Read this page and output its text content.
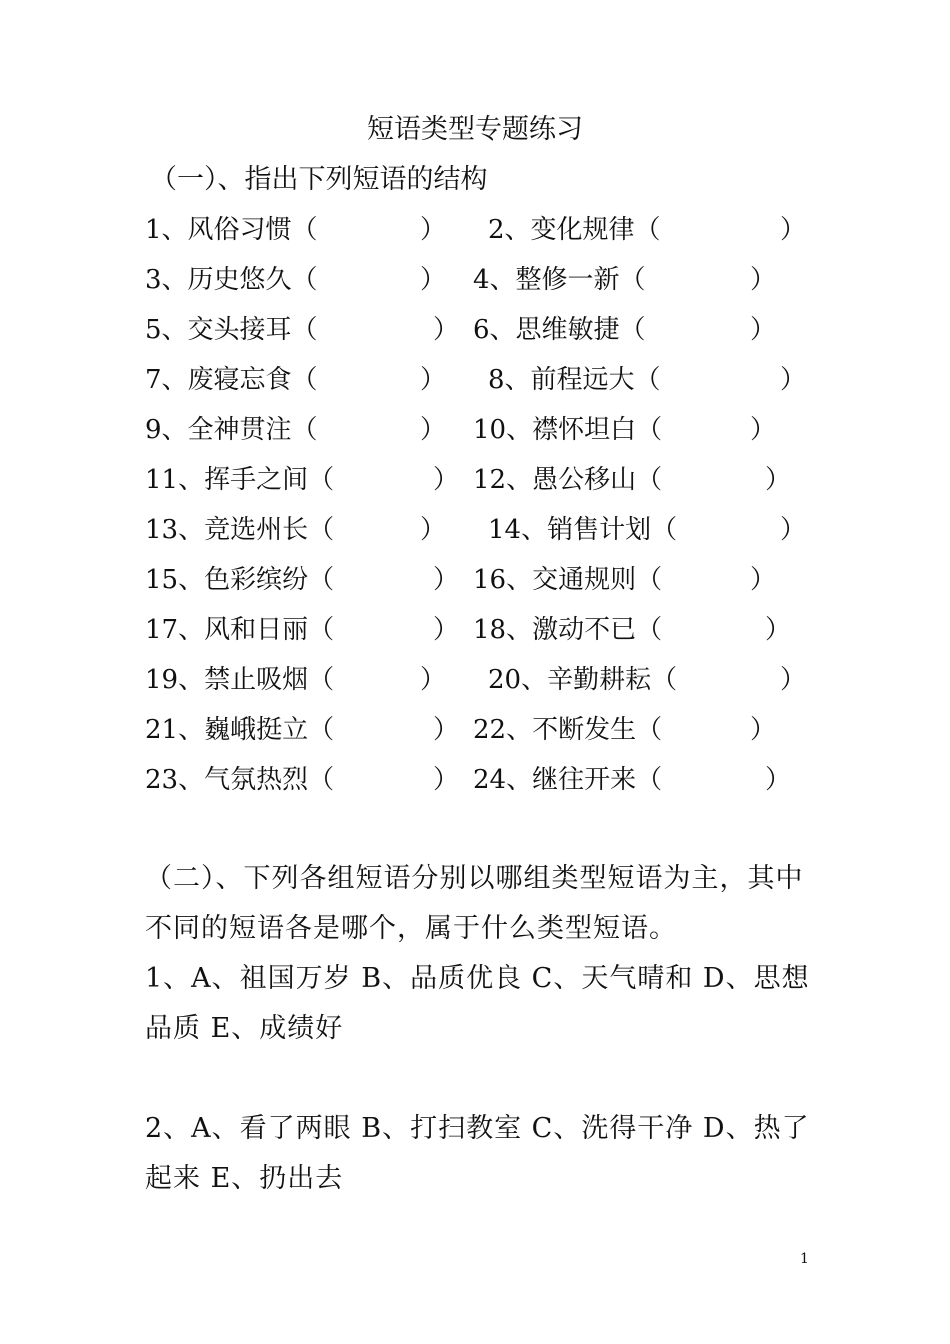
短语类型专题练习
（一）、指出下列短语的结构
1、风俗习惯（	） 2、变化规律（	）
3、历史悠久（	） 4、整修一新（	）
5、交头接耳（	） 6、思维敏捷（	）
7、废寝忘食（	） 8、前程远大（	）
9、全神贯注（	） 10、襟怀坦白（	）
11、挥手之间（	） 12、愚公移山（	）
13、竞选州长（	） 14、销售计划（	）
15、色彩缤纷（	） 16、交通规则（	）
17、风和日丽（	） 18、激动不已（	）
19、禁止吸烟（	） 20、辛勤耕耘（	）
21、巍峨挺立（	） 22、不断发生（	）
23、气氛热烈（	） 24、继往开来（	）
（二）、下列各组短语分别以哪组类型短语为主，其中不同的短语各是哪个，属于什么类型短语。
1、A、祖国万岁 B、品质优良 C、天气晴和 D、思想品质 E、成绩好
2、A、看了两眼 B、打扫教室 C、洗得干净 D、热了起来 E、扔出去
1
